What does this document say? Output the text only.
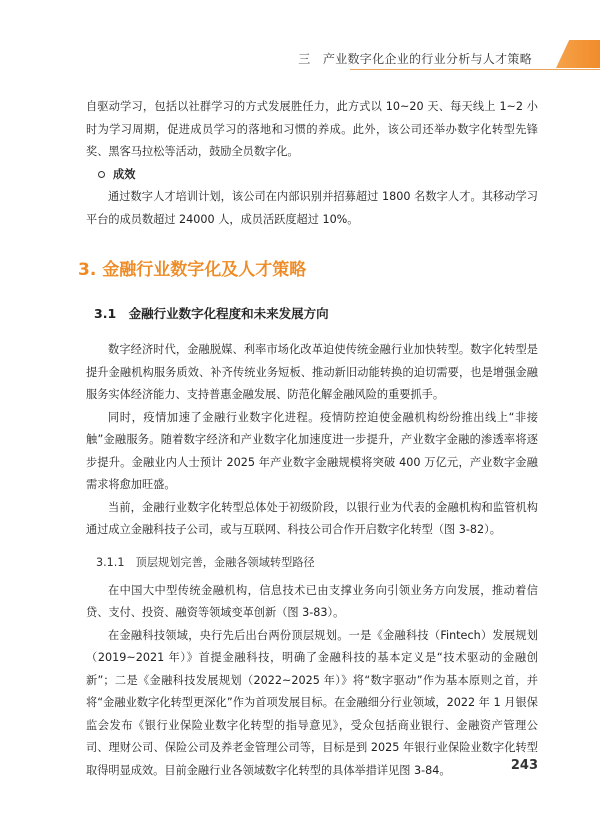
三　产业数字化企业的行业分析与人才策略

自驱动学习，包括以社群学习的方式发展胜任力，此方式以 10~20 天、每天线上 1~2 小时为学习周期，促进成员学习的落地和习惯的养成。此外，该公司还举办数字化转型先锋奖、黑客马拉松等活动，鼓励全员数字化。

成效

通过数字人才培训计划，该公司在内部识别并招募超过 1800 名数字人才。其移动学习平台的成员数超过 24000 人，成员活跃度超过 10%。

3. 金融行业数字化及人才策略
3.1　金融行业数字化程度和未来发展方向

数字经济时代，金融脱媒、利率市场化改革迫使传统金融行业加快转型。数字化转型是提升金融机构服务质效、补齐传统业务短板、推动新旧动能转换的迫切需要，也是增强金融服务实体经济能力、支持普惠金融发展、防范化解金融风险的重要抓手。

同时，疫情加速了金融行业数字化进程。疫情防控迫使金融机构纷纷推出线上“非接触”金融服务。随着数字经济和产业数字化加速度进一步提升，产业数字金融的渗透率将逐步提升。金融业内人士预计 2025 年产业数字金融规模将突破 400 万亿元，产业数字金融需求将愈加旺盛。

当前，金融行业数字化转型总体处于初级阶段，以银行业为代表的金融机构和监管机构通过成立金融科技子公司，或与互联网、科技公司合作开启数字化转型（图 3-82）。

3.1.1　顶层规划完善，金融各领域转型路径

在中国大中型传统金融机构，信息技术已由支撑业务向引领业务方向发展，推动着信贷、支付、投资、融资等领域变革创新（图 3-83）。

在金融科技领域，央行先后出台两份顶层规划。一是《金融科技（Fintech）发展规划（2019~2021 年）》首提金融科技，明确了金融科技的基本定义是“技术驱动的金融创新”；二是《金融科技发展规划（2022~2025 年）》将“数字驱动”作为基本原则之首，并将“金融业数字化转型更深化”作为首项发展目标。在金融细分行业领域，2022 年 1 月银保监会发布《银行业保险业数字化转型的指导意见》，受众包括商业银行、金融资产管理公司、理财公司、保险公司及养老金管理公司等，目标是到 2025 年银行业保险业数字化转型取得明显成效。目前金融行业各领域数字化转型的具体举措详见图 3-84。	243
